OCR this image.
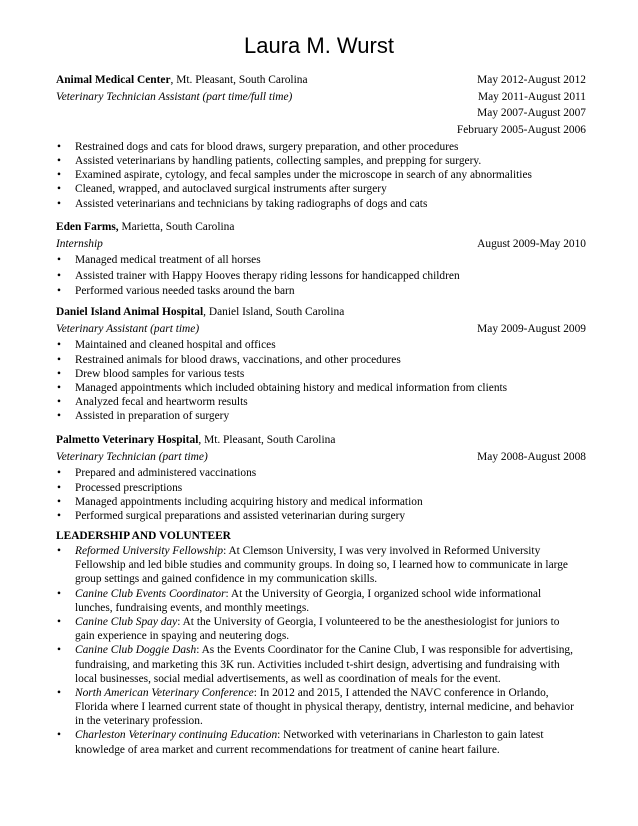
Laura M. Wurst
Animal Medical Center, Mt. Pleasant, South Carolina	May 2012-August 2012
Veterinary Technician Assistant (part time/full time)	May 2011-August 2011
May 2007-August 2007
February 2005-August 2006
• Restrained dogs and cats for blood draws, surgery preparation, and other procedures
• Assisted veterinarians by handling patients, collecting samples, and prepping for surgery.
• Examined aspirate, cytology, and fecal samples under the microscope in search of any abnormalities
• Cleaned, wrapped, and autoclaved surgical instruments after surgery
• Assisted veterinarians and technicians by taking radiographs of dogs and cats
Eden Farms, Marietta, South Carolina
Internship	August 2009-May 2010
• Managed medical treatment of all horses
• Assisted trainer with Happy Hooves therapy riding lessons for handicapped children
• Performed various needed tasks around the barn
Daniel Island Animal Hospital, Daniel Island, South Carolina
Veterinary Assistant (part time)	May 2009-August 2009
• Maintained and cleaned hospital and offices
• Restrained animals for blood draws, vaccinations, and other procedures
• Drew blood samples for various tests
• Managed appointments which included obtaining history and medical information from clients
• Analyzed fecal and heartworm results
• Assisted in preparation of surgery
Palmetto Veterinary Hospital, Mt. Pleasant, South Carolina
Veterinary Technician (part time)	May 2008-August 2008
• Prepared and administered vaccinations
• Processed prescriptions
• Managed appointments including acquiring history and medical information
• Performed surgical preparations and assisted veterinarian during surgery
LEADERSHIP AND VOLUNTEER
• Reformed University Fellowship: At Clemson University, I was very involved in Reformed University
Fellowship and led bible studies and community groups. In doing so, I learned how to communicate in large
group settings and gained confidence in my communication skills.
• Canine Club Events Coordinator: At the University of Georgia, I organized school wide informational
lunches, fundraising events, and monthly meetings.
• Canine Club Spay day: At the University of Georgia, I volunteered to be the anesthesiologist for juniors to
gain experience in spaying and neutering dogs.
• Canine Club Doggie Dash: As the Events Coordinator for the Canine Club, I was responsible for advertising,
fundraising, and marketing this 3K run. Activities included t-shirt design, advertising and fundraising with
local businesses, social medial advertisements, as well as coordination of meals for the event.
• North American Veterinary Conference: In 2012 and 2015, I attended the NAVC conference in Orlando,
Florida where I learned current state of thought in physical therapy, dentistry, internal medicine, and behavior
in the veterinary profession.
• Charleston Veterinary continuing Education: Networked with veterinarians in Charleston to gain latest
knowledge of area market and current recommendations for treatment of canine heart failure.
